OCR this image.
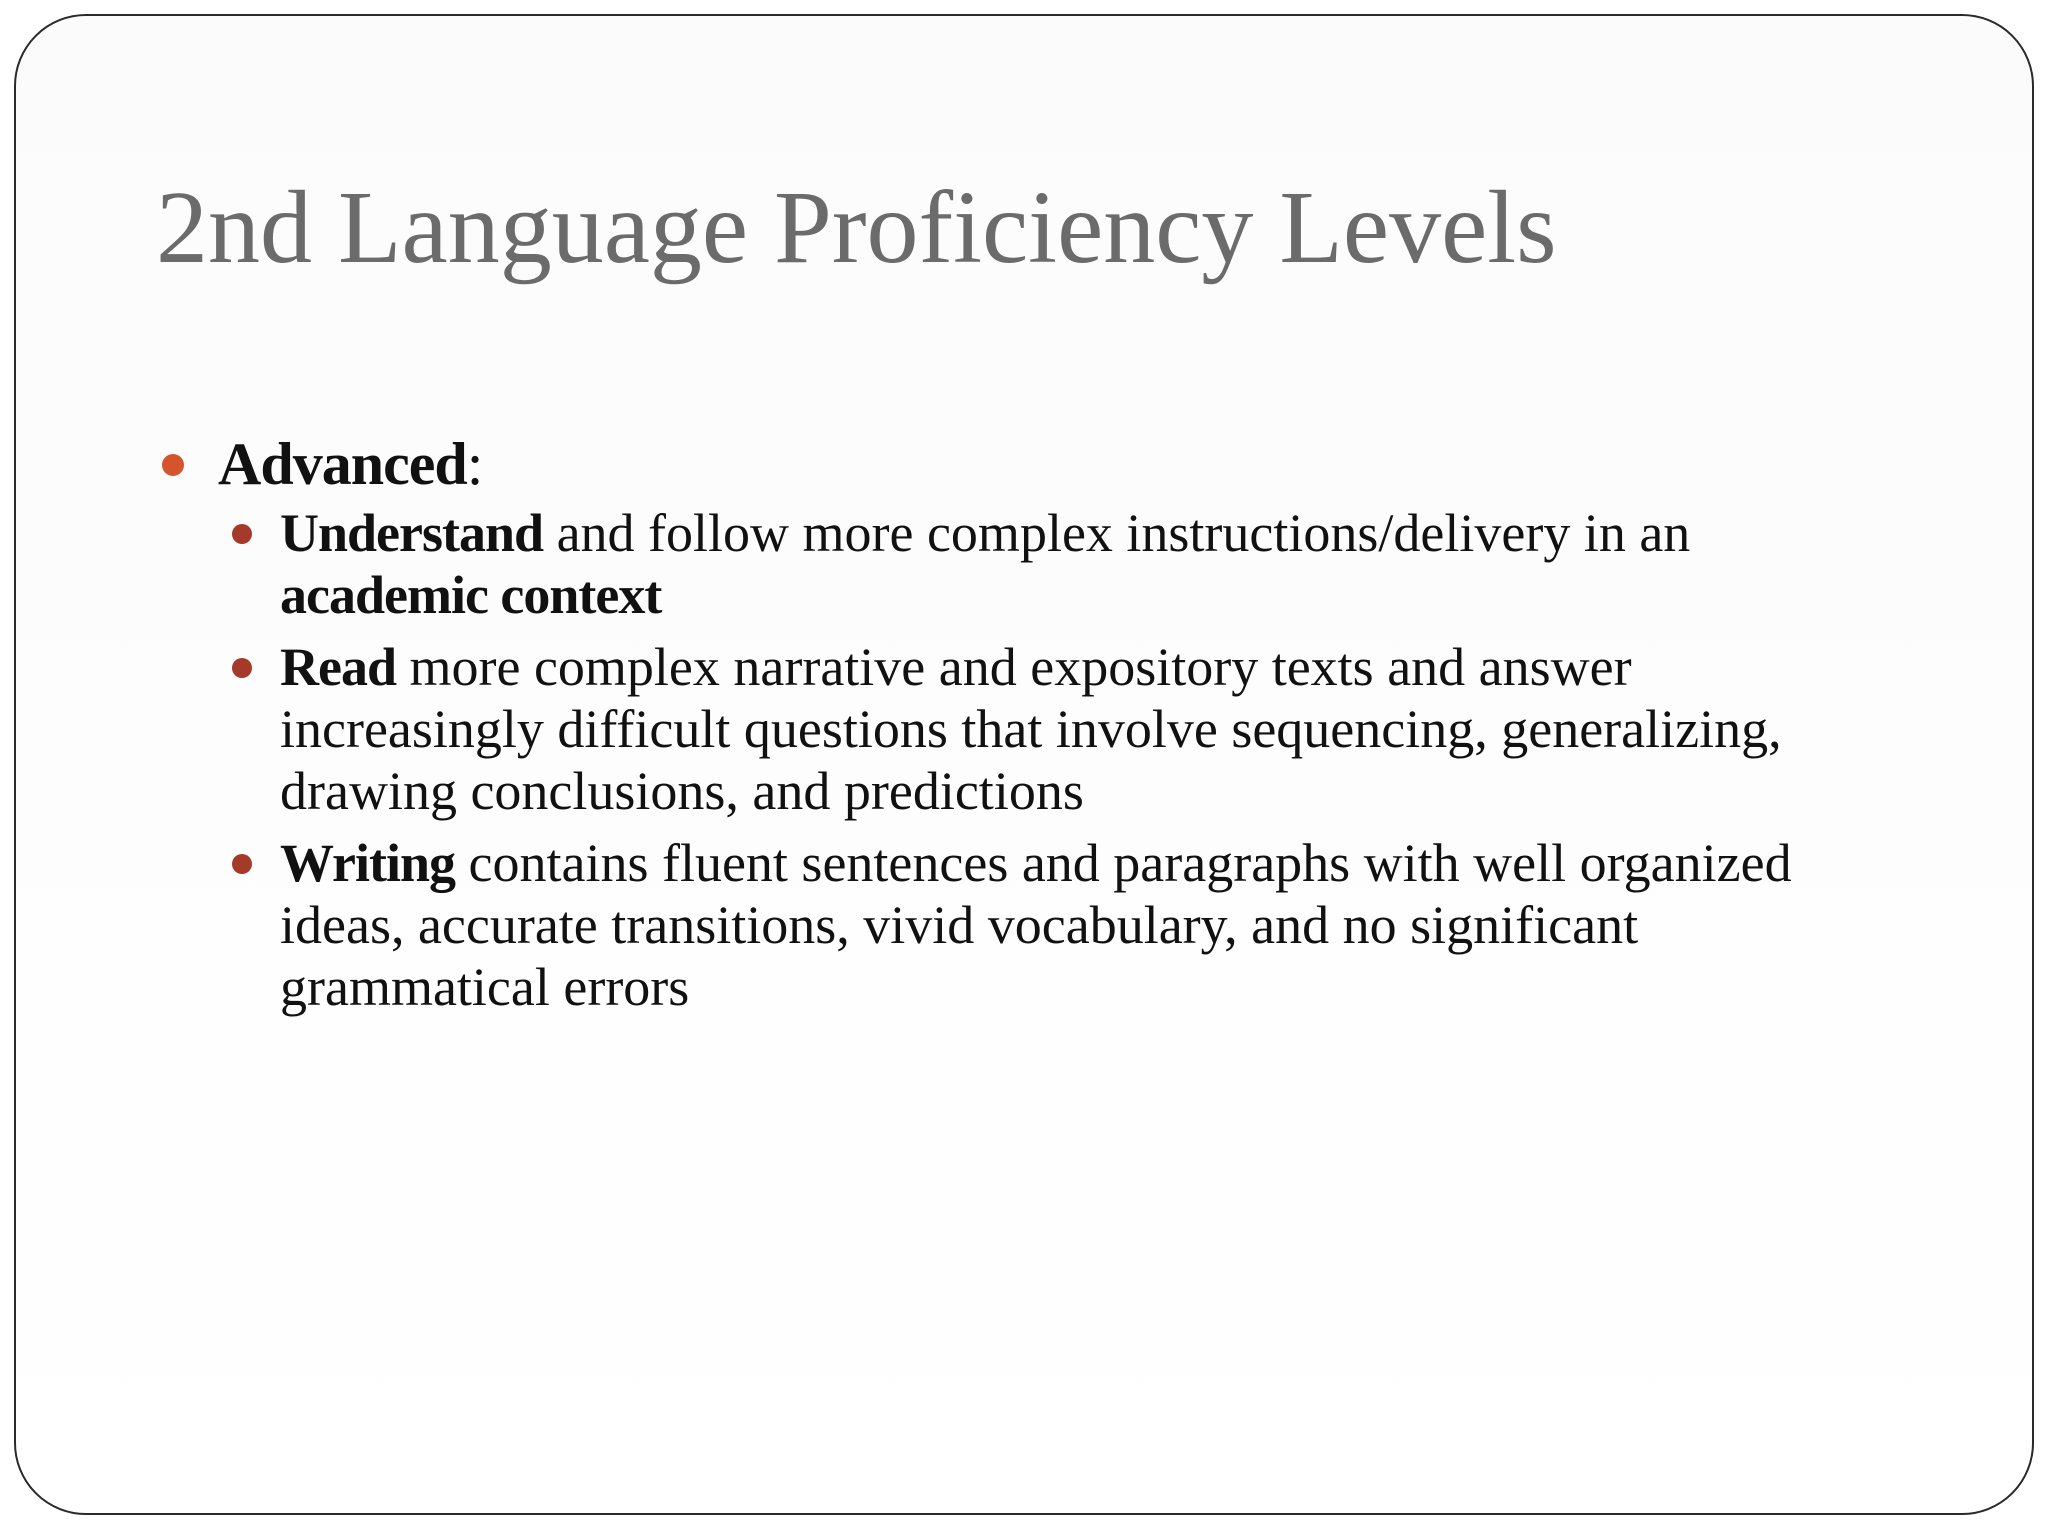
2nd Language Proficiency Levels
Advanced:
Understand and follow more complex instructions/delivery in an academic context
Read more complex narrative and expository texts and answer increasingly difficult questions that involve sequencing, generalizing, drawing conclusions, and predictions
Writing contains fluent sentences and paragraphs with well organized ideas, accurate transitions, vivid vocabulary, and no significant grammatical errors
